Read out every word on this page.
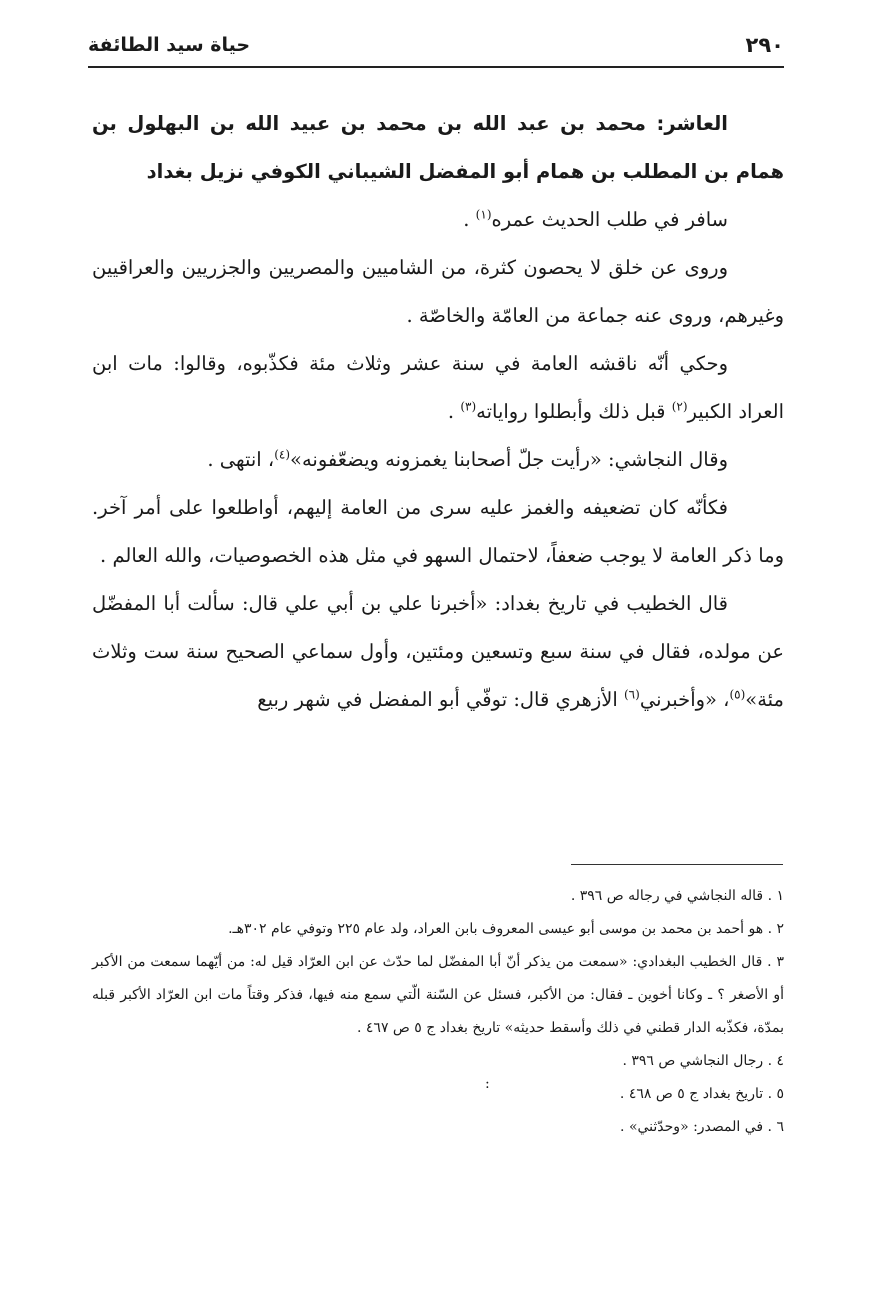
حياة سيد الطائفة	٢٩٠

العاشر: محمد بن عبد الله بن محمد بن عبيد الله بن البهلول بن همام بن المطلب بن همام أبو المفضل الشيباني الكوفي نزيل بغداد

سافر في طلب الحديث عمره$^{(١)}$ .

وروى عن خلق لا يحصون كثرة، من الشاميين والمصريين والجزريين والعراقيين وغيرهم، وروى عنه جماعة من العامّة والخاصّة .

وحكي أنّه ناقشه العامة في سنة عشر وثلاث مئة فكذّبوه، وقالوا: مات ابن العراد الكبير$^{(٢)}$ قبل ذلك وأبطلوا رواياته$^{(٣)}$ .

وقال النجاشي: «رأيت جلّ أصحابنا يغمزونه ويضعّفونه»$^{(٤)}$، انتهى .

فكأنّه كان تضعيفه والغمز عليه سرى من العامة إليهم، أواطلعوا على أمر آخر. وما ذكر العامة لا يوجب ضعفاً، لاحتمال السهو في مثل هذه الخصوصيات، والله العالم .

قال الخطيب في تاريخ بغداد: «أخبرنا علي بن أبي علي قال: سألت أبا المفضّل عن مولده، فقال في سنة سبع وتسعين ومئتين، وأول سماعي الصحيح سنة ست وثلاث مئة»$^{(٥)}$، «وأخبرني$^{(٦)}$ الأزهري قال: توفّي أبو المفضل في شهر ربيع

١ . قاله النجاشي في رجاله ص ٣٩٦ .

٢ . هو أحمد بن محمد بن موسى أبو عيسى المعروف بابن العراد، ولد عام ٢٢٥ وتوفي عام ٣٠٢هـ.

٣ . قال الخطيب البغدادي: «سمعت من يذكر أنّ أبا المفضّل لما حدّث عن ابن العرّاد قيل له: من أيّهما سمعت من الأكبر أو الأصغر ؟ ـ وكانا أخوين ـ فقال: من الأكبر، فسئل عن السّنة الّتي سمع منه فيها، فذكر وقتاً مات ابن العرّاد الأكبر قبله بمدّة، فكذّبه الدار قطني في ذلك وأسقط حديثه» تاريخ بغداد ج ٥ ص ٤٦٧ .

٤ . رجال النجاشي ص ٣٩٦ .

٥ . تاريخ بغداد ج ٥ ص ٤٦٨ .

٦ . في المصدر: «وحدّثني» .

:
